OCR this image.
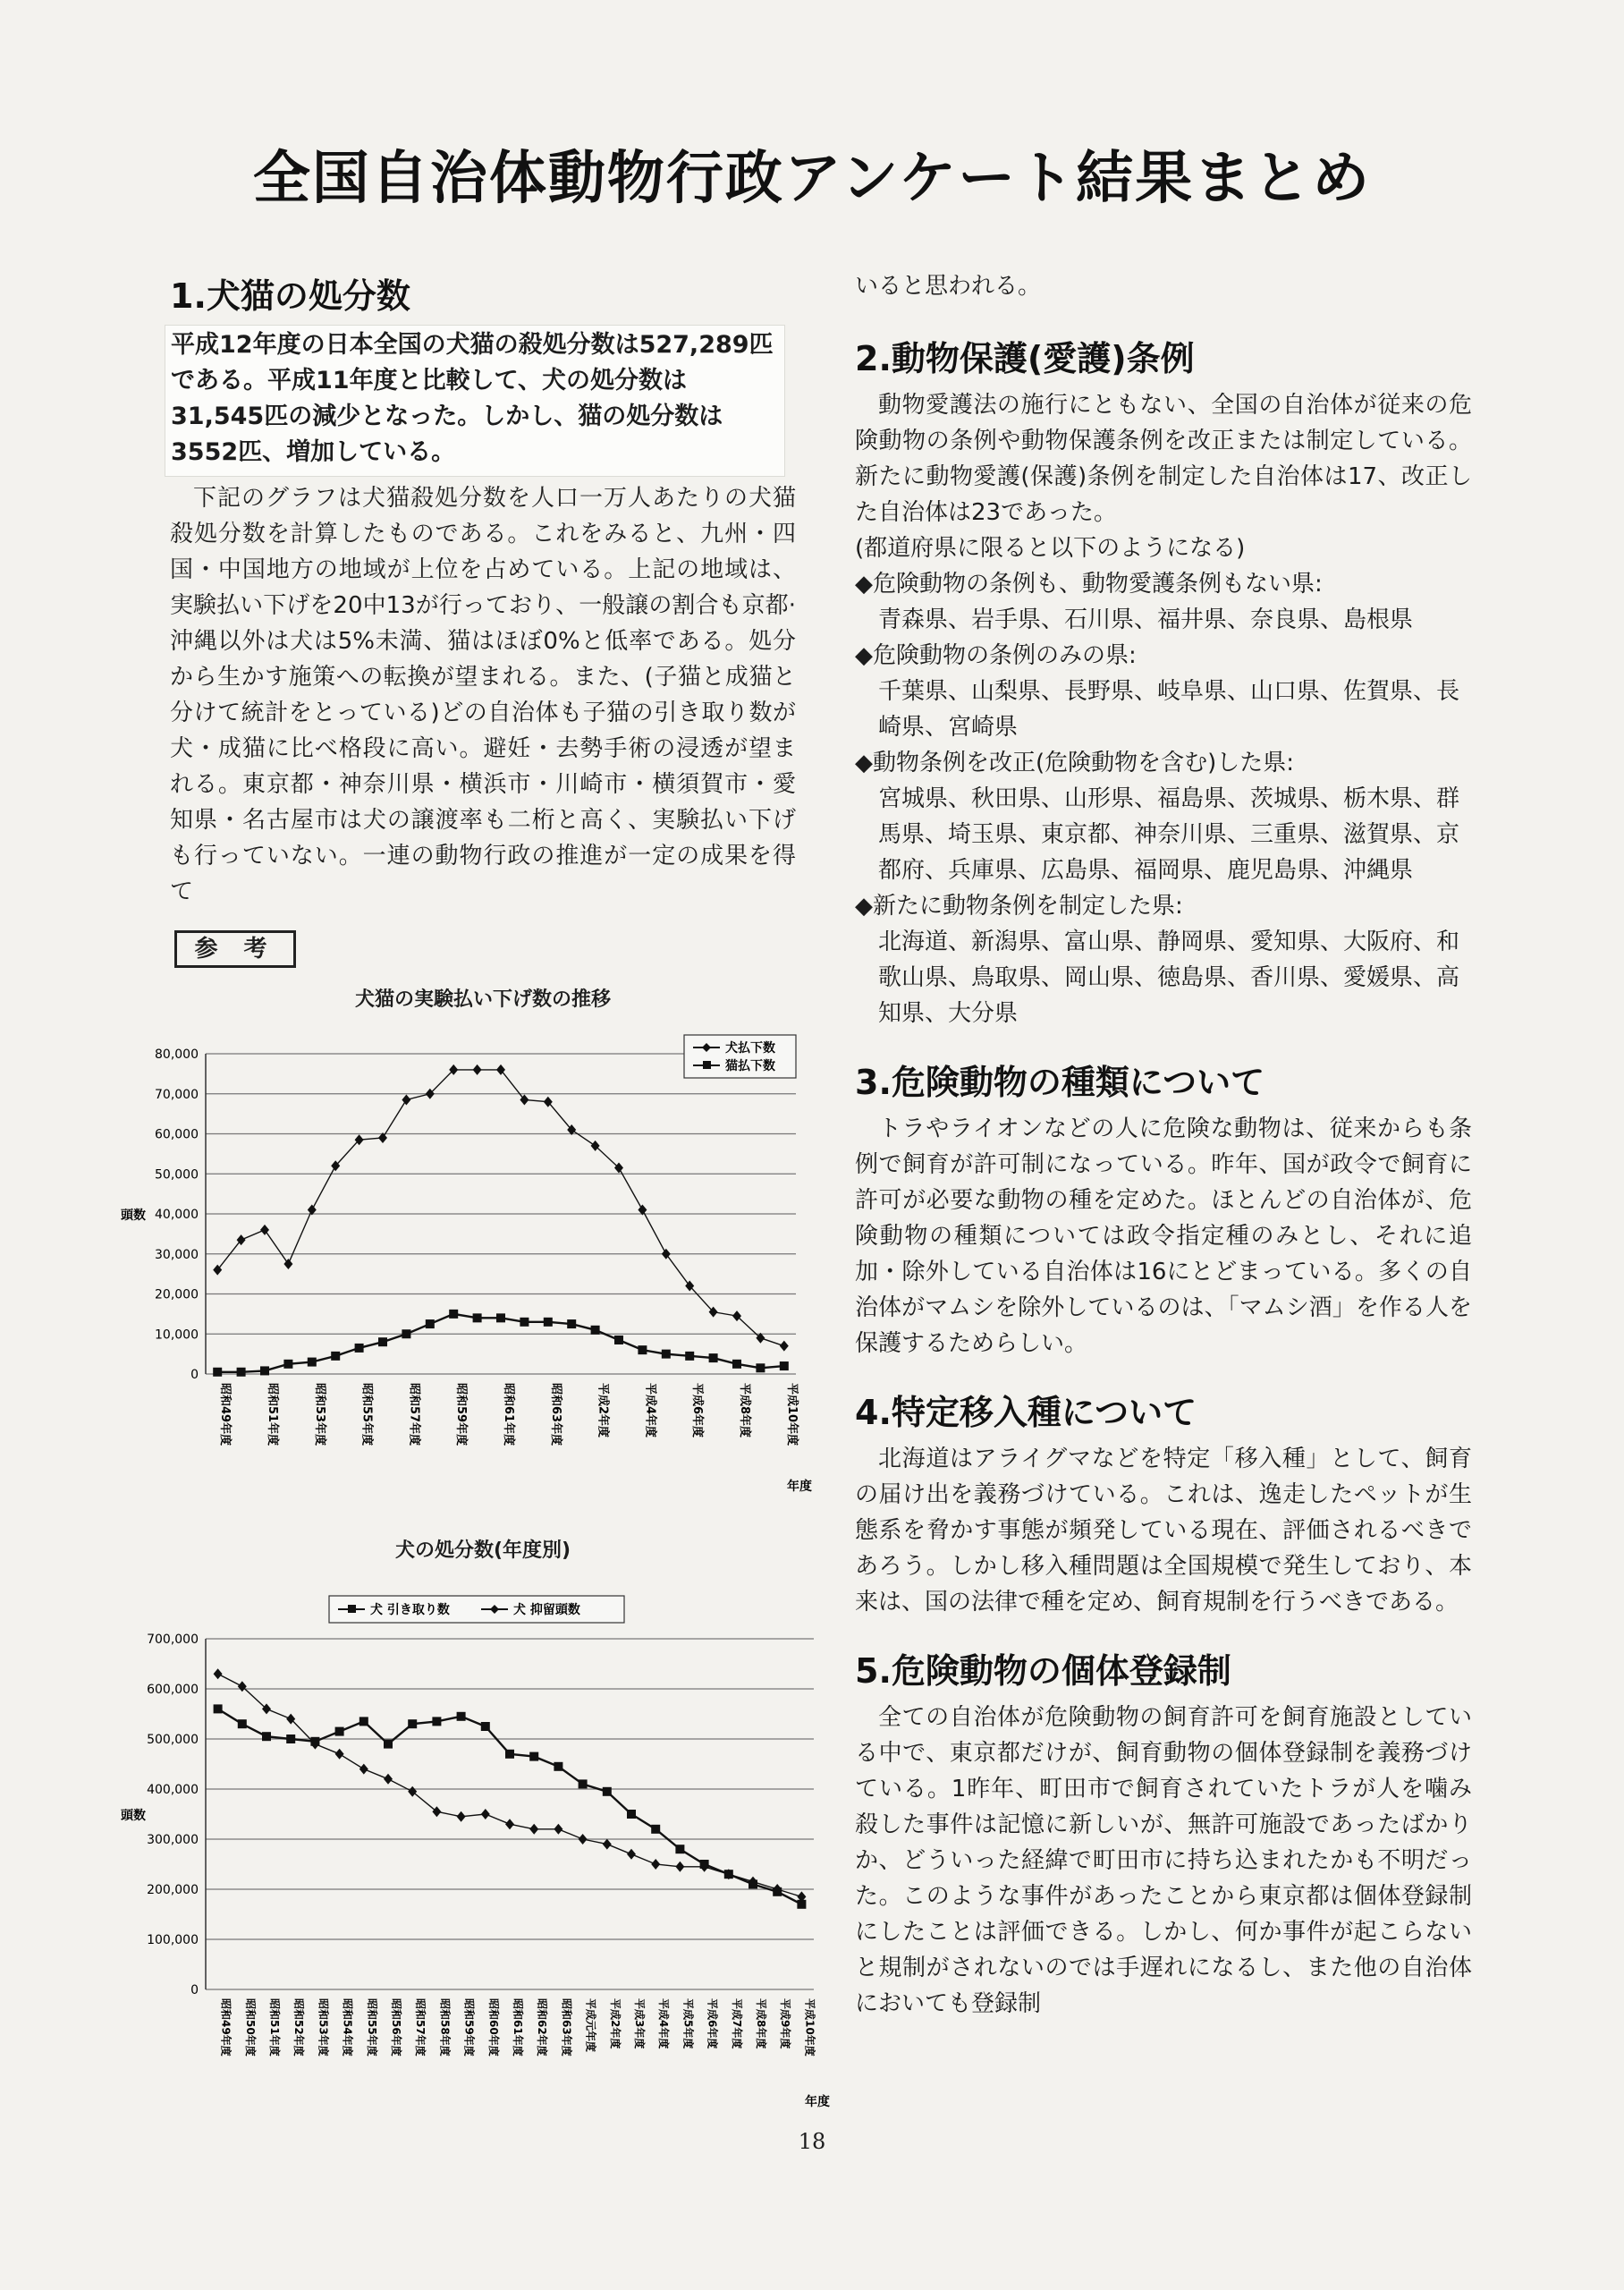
全国自治体動物行政アンケート結果まとめ
1.犬猫の処分数

平成12年度の日本全国の犬猫の殺処分数は527,289匹である。平成11年度と比較して、犬の処分数は31,545匹の減少となった。しかし、猫の処分数は3552匹、増加している。

下記のグラフは犬猫殺処分数を人口一万人あたりの犬猫殺処分数を計算したものである。これをみると、九州・四国・中国地方の地域が上位を占めている。上記の地域は、実験払い下げを20中13が行っており、一般譲の割合も京都·沖縄以外は犬は5%未満、猫はほぼ0%と低率である。処分から生かす施策への転換が望まれる。また、(子猫と成猫と分けて統計をとっている)どの自治体も子猫の引き取り数が犬・成猫に比べ格段に高い。避妊・去勢手術の浸透が望まれる。東京都・神奈川県・横浜市・川崎市・横須賀市・愛知県・名古屋市は犬の譲渡率も二桁と高く、実験払い下げも行っていない。一連の動物行政の推進が一定の成果を得て

参 考
犬猫の実験払い下げ数の推移
0
10,000
20,000
30,000
40,000
50,000
60,000
70,000
80,000
頭数
昭和49年度	昭和51年度	昭和53年度	昭和55年度	昭和57年度	昭和59年度	昭和61年度	昭和63年度	平成2年度	平成4年度	平成6年度	平成8年度	平成10年度
年度
犬払下数
猫払下数
犬の処分数(年度別)
0
100,000
200,000
300,000
400,000
500,000
600,000
700,000
頭数
昭和49年度 昭和50年度 昭和51年度 昭和52年度 昭和53年度 昭和54年度 昭和55年度 昭和56年度 昭和57年度 昭和58年度 昭和59年度 昭和60年度 昭和61年度 昭和62年度 昭和63年度 平成元年度 平成2年度 平成3年度 平成4年度 平成5年度 平成6年度 平成7年度 平成8年度 平成9年度 平成10年度
年度
犬 引き取り数	犬 抑留頭数

いると思われる。

2.動物保護(愛護)条例

動物愛護法の施行にともない、全国の自治体が従来の危険動物の条例や動物保護条例を改正または制定している。新たに動物愛護(保護)条例を制定した自治体は17、改正した自治体は23であった。

(都道府県に限ると以下のようになる)

◆危険動物の条例も、動物愛護条例もない県:

青森県、岩手県、石川県、福井県、奈良県、島根県

◆危険動物の条例のみの県:

千葉県、山梨県、長野県、岐阜県、山口県、佐賀県、長崎県、宮崎県

◆動物条例を改正(危険動物を含む)した県:

宮城県、秋田県、山形県、福島県、茨城県、栃木県、群馬県、埼玉県、東京都、神奈川県、三重県、滋賀県、京都府、兵庫県、広島県、福岡県、鹿児島県、沖縄県

◆新たに動物条例を制定した県:

北海道、新潟県、富山県、静岡県、愛知県、大阪府、和歌山県、鳥取県、岡山県、徳島県、香川県、愛媛県、高知県、大分県

3.危険動物の種類について

トラやライオンなどの人に危険な動物は、従来からも条例で飼育が許可制になっている。昨年、国が政令で飼育に許可が必要な動物の種を定めた。ほとんどの自治体が、危険動物の種類については政令指定種のみとし、それに追加・除外している自治体は16にとどまっている。多くの自治体がマムシを除外しているのは、「マムシ酒」を作る人を保護するためらしい。

4.特定移入種について

北海道はアライグマなどを特定「移入種」として、飼育の届け出を義務づけている。これは、逸走したペットが生態系を脅かす事態が頻発している現在、評価されるべきであろう。しかし移入種問題は全国規模で発生しており、本来は、国の法律で種を定め、飼育規制を行うべきである。

5.危険動物の個体登録制

全ての自治体が危険動物の飼育許可を飼育施設としている中で、東京都だけが、飼育動物の個体登録制を義務づけている。1昨年、町田市で飼育されていたトラが人を噛み殺した事件は記憶に新しいが、無許可施設であったばかりか、どういった経緯で町田市に持ち込まれたかも不明だった。このような事件があったことから東京都は個体登録制にしたことは評価できる。しかし、何か事件が起こらないと規制がされないのでは手遅れになるし、また他の自治体においても登録制

18
